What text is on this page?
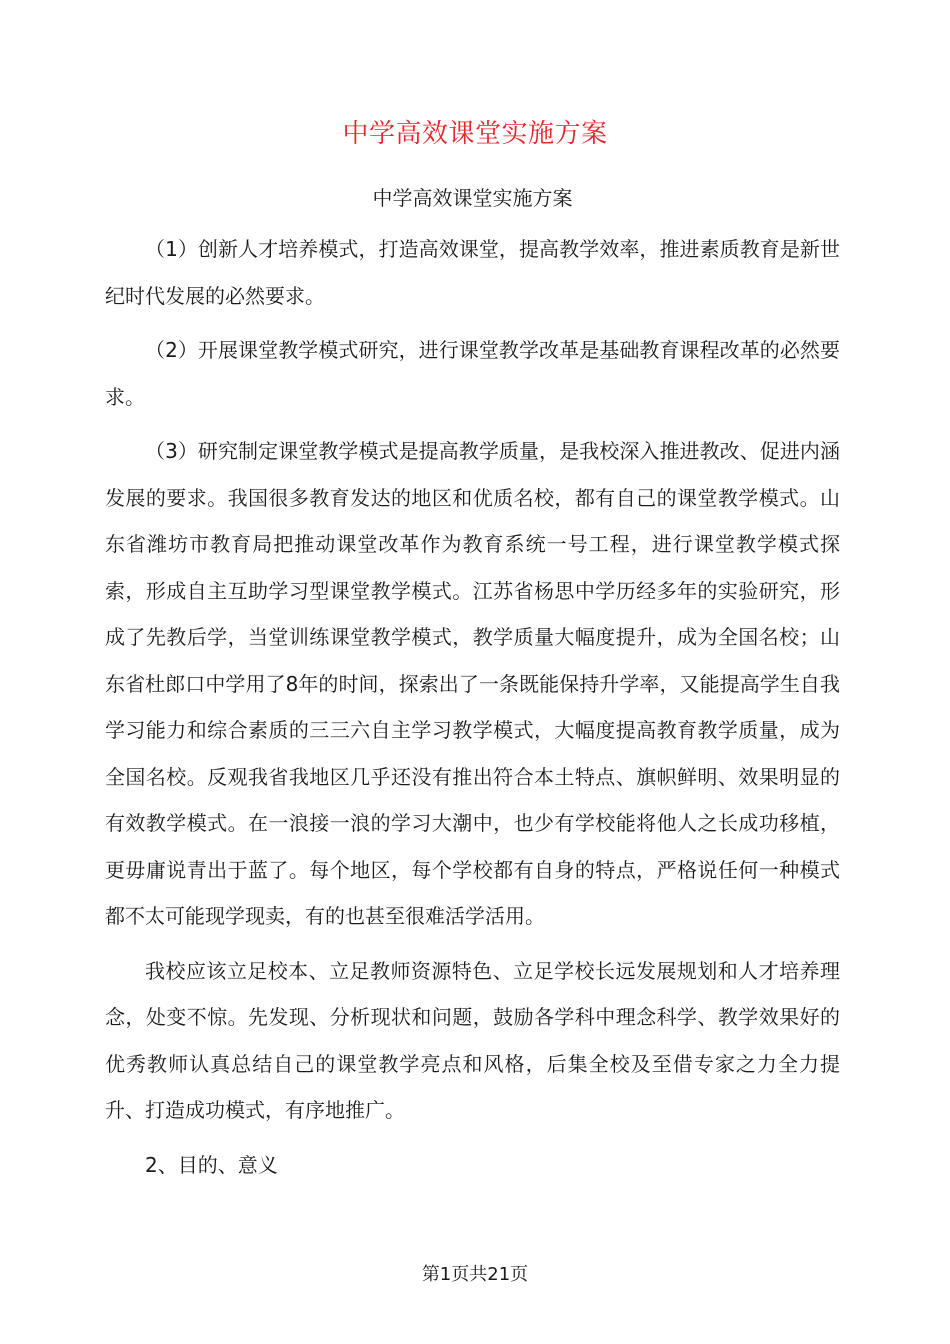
中学高效课堂实施方案
中学高效课堂实施方案

（1）创新人才培养模式，打造高效课堂，提高教学效率，推进素质教育是新世纪时代发展的必然要求。

（2）开展课堂教学模式研究，进行课堂教学改革是基础教育课程改革的必然要求。

（3）研究制定课堂教学模式是提高教学质量，是我校深入推进教改、促进内涵发展的要求。我国很多教育发达的地区和优质名校，都有自己的课堂教学模式。山东省潍坊市教育局把推动课堂改革作为教育系统一号工程，进行课堂教学模式探索，形成自主互助学习型课堂教学模式。江苏省杨思中学历经多年的实验研究，形成了先教后学，当堂训练课堂教学模式，教学质量大幅度提升，成为全国名校；山东省杜郎口中学用了8年的时间，探索出了一条既能保持升学率，又能提高学生自我学习能力和综合素质的三三六自主学习教学模式，大幅度提高教育教学质量，成为全国名校。反观我省我地区几乎还没有推出符合本土特点、旗帜鲜明、效果明显的有效教学模式。在一浪接一浪的学习大潮中，也少有学校能将他人之长成功移植，更毋庸说青出于蓝了。每个地区，每个学校都有自身的特点，严格说任何一种模式都不太可能现学现卖，有的也甚至很难活学活用。

我校应该立足校本、立足教师资源特色、立足学校长远发展规划和人才培养理念，处变不惊。先发现、分析现状和问题，鼓励各学科中理念科学、教学效果好的优秀教师认真总结自己的课堂教学亮点和风格，后集全校及至借专家之力全力提升、打造成功模式，有序地推广。

2、目的、意义

第1页共21页
